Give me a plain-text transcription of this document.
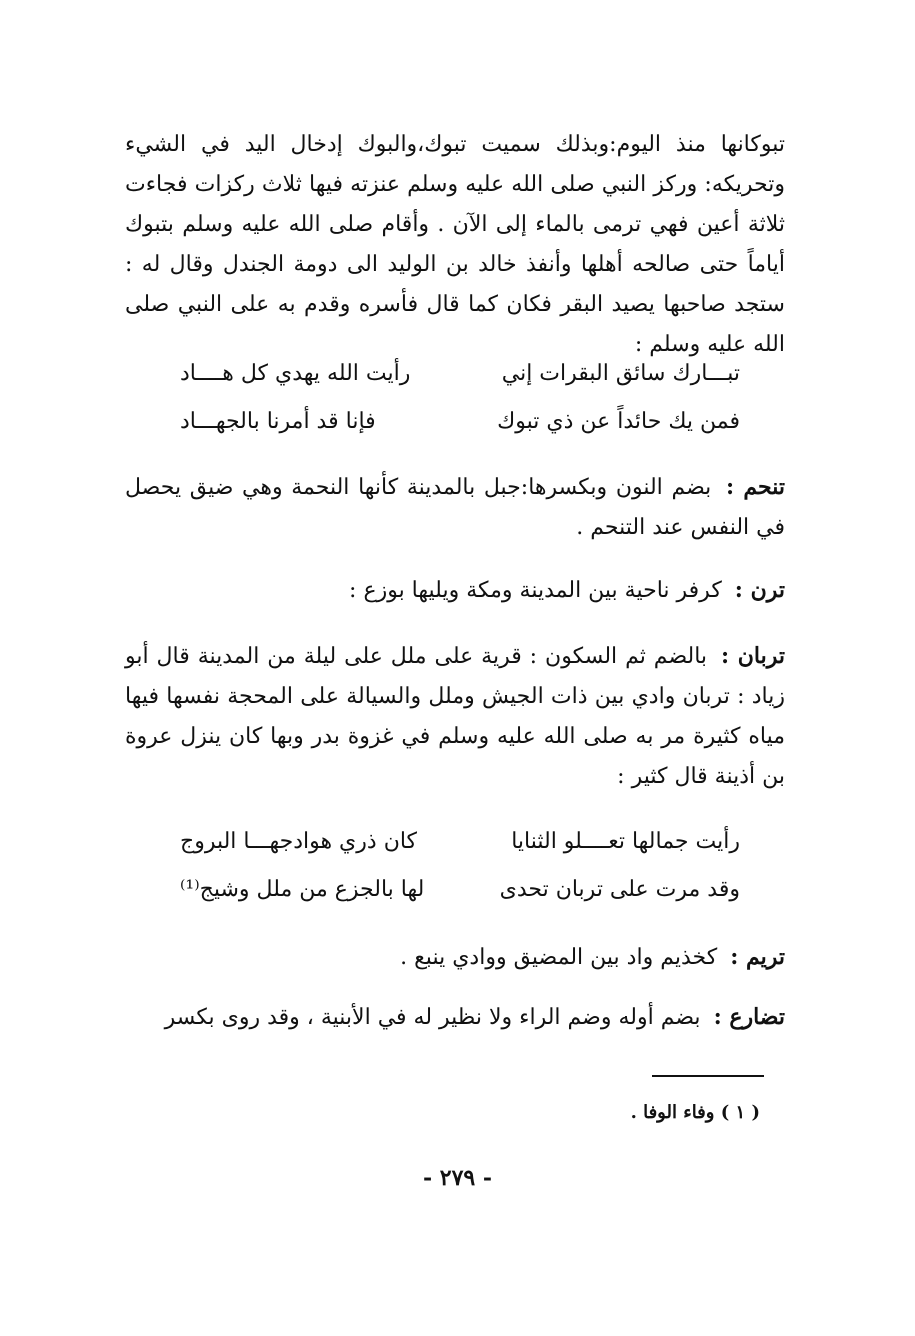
تبوكانها منذ اليوم:وبذلك سميت تبوك،والبوك إدخال اليد في الشيء وتحريكه: وركز النبي صلى الله عليه وسلم عنزته فيها ثلاث ركزات فجاءت ثلاثة أعين فهي ترمى بالماء إلى الآن . وأقام صلى الله عليه وسلم بتبوك أياماً حتى صالحه أهلها وأنفذ خالد بن الوليد الى دومة الجندل وقال له : ستجد صاحبها يصيد البقر فكان كما قال فأسره وقدم به على النبي صلى الله عليه وسلم :
تبـــارك سائق البقرات إني
رأيت الله يهدي كل هــــاد
فمن يك حائداً عن ذي تبوك
فإنا قد أمرنا بالجهـــاد
تنحم : بضم النون وبكسرها:جبل بالمدينة كأنها النحمة وهي ضيق يحصل في النفس عند التنحم .
ترن : كرفر ناحية بين المدينة ومكة ويليها بوزع :
تربان : بالضم ثم السكون : قرية على ملل على ليلة من المدينة قال أبو زياد : تربان وادي بين ذات الجيش وملل والسيالة على المحجة نفسها فيها مياه كثيرة مر به صلى الله عليه وسلم في غزوة بدر وبها كان ينزل عروة بن أذينة قال كثير :
رأيت جمالها تعــــلو الثنايا
كان ذري هوادجهـــا البروج
وقد مرت على تربان تحدى
لها بالجزع من ملل وشيج⁽¹⁾
تريم : كخذيم واد بين المضيق ووادي ينبع .
تضارع : بضم أوله وضم الراء ولا نظير له في الأبنية ، وقد روى بكسر
( ١ ) وفاء الوفا .
- ٢٧٩ -
